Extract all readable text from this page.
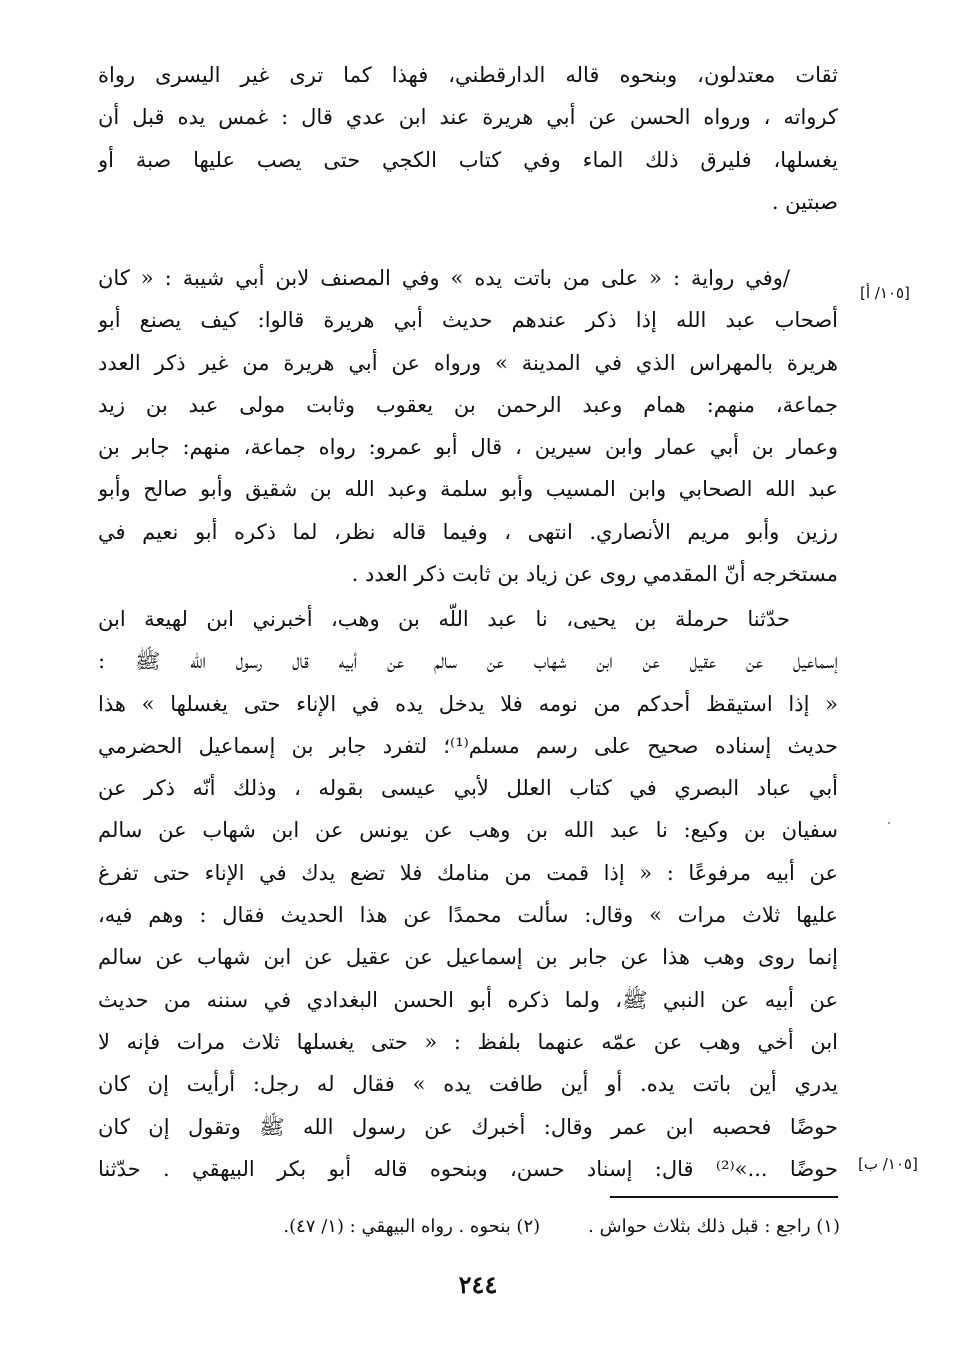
ثقات معتدلون، وبنحوه قاله الدارقطني، فهذا كما ترى غير اليسرى رواة
كرواته ، ورواه الحسن عن أبي هريرة عند ابن عدي قال : غمس يده قبل أن
يغسلها، فليرق ذلك الماء وفي كتاب الكجي حتى يصب عليها صبة أو
صبتين .
/وفي رواية : « على من باتت يده » وفي المصنف لابن أبي شيبة : « كان
أصحاب عبد الله إذا ذكر عندهم حديث أبي هريرة قالوا: كيف يصنع أبو
هريرة بالمهراس الذي في المدينة » ورواه عن أبي هريرة من غير ذكر العدد
جماعة، منهم: همام وعبد الرحمن بن يعقوب وثابت مولى عبد بن زيد
وعمار بن أبي عمار وابن سيرين ، قال أبو عمرو: رواه جماعة، منهم: جابر بن
عبد الله الصحابي وابن المسيب وأبو سلمة وعبد الله بن شقيق وأبو صالح وأبو
رزين وأبو مريم الأنصاري. انتهى ، وفيما قاله نظر، لما ذكره أبو نعيم في
مستخرجه أنّ المقدمي روى عن زياد بن ثابت ذكر العدد .
[١٠٥/ أ]
حدّثنا حرملة بن يحيى، نا عبد اللّه بن وهب، أخبرني ابن لهيعة ابن
إسماعيل عن عقيل عن ابن شهاب عن سالم عن أبيه قال رسول الله ﷺ :
« إذا استيقظ أحدكم من نومه فلا يدخل يده في الإناء حتى يغسلها » هذا
حديث إسناده صحيح على رسم مسلم⁽¹⁾؛ لتفرد جابر بن إسماعيل الحضرمي
أبي عباد البصري في كتاب العلل لأبي عيسى بقوله ، وذلك أنّه ذكر عن
سفيان بن وكيع: نا عبد الله بن وهب عن يونس عن ابن شهاب عن سالم
عن أبيه مرفوعًا : « إذا قمت من منامك فلا تضع يدك في الإناء حتى تفرغ
عليها ثلاث مرات » وقال: سألت محمدًا عن هذا الحديث فقال : وهم فيه،
إنما روى وهب هذا عن جابر بن إسماعيل عن عقيل عن ابن شهاب عن سالم
عن أبيه عن النبي ﷺ، ولما ذكره أبو الحسن البغدادي في سننه من حديث
ابن أخي وهب عن عمّه عنهما بلفظ : « حتى يغسلها ثلاث مرات فإنه لا
يدري أين باتت يده. أو أين طافت يده » فقال له رجل: أرأيت إن كان
حوضًا فحصبه ابن عمر وقال: أخبرك عن رسول الله ﷺ وتقول إن كان
حوضًا ...»⁽²⁾ قال: إسناد حسن، وبنحوه قاله أبو بكر البيهقي . حدّثنا [١٠٥/ ب]
(١) راجع : قبل ذلك بثلاث حواش .
(٢) بنحوه . رواه البيهقي : (١/ ٤٧).
٢٤٤
